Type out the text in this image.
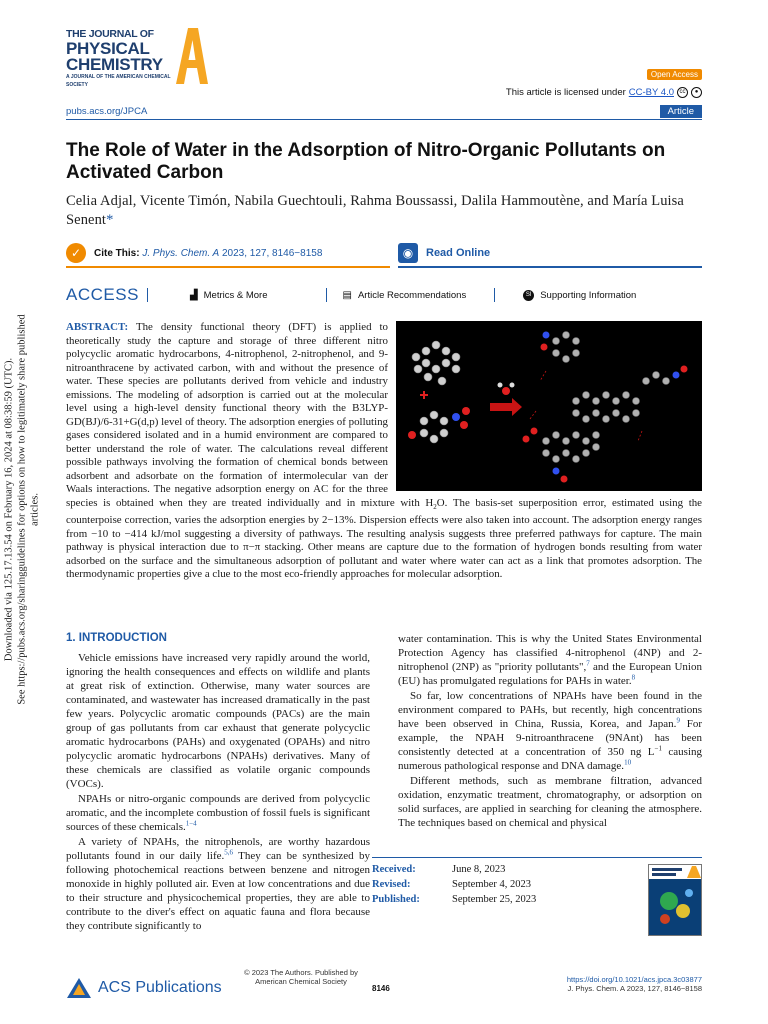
Downloaded via 125.17.13.54 on February 16, 2024 at 08:38:59 (UTC). See https://pubs.acs.org/sharingguidelines for options on how to legitimately share published articles.
THE JOURNAL OF
PHYSICAL
CHEMISTRY
A JOURNAL OF THE AMERICAN CHEMICAL SOCIETY
Open Access
This article is licensed under CC-BY 4.0 cc	●
pubs.acs.org/JPCA	Article
The Role of Water in the Adsorption of Nitro-Organic Pollutants on Activated Carbon
Celia Adjal, Vicente Timón, Nabila Guechtouli, Rahma Boussassi, Dalila Hammoutène, and María Luisa Senent*
✓	Cite This: J. Phys. Chem. A 2023, 127, 8146−8158	◉	Read Online
ACCESS	▟ Metrics & More	▤ Article Recommendations	SI Supporting Information
ABSTRACT: The density functional theory (DFT) is applied to theoretically study the capture and storage of three different nitro polycyclic aromatic hydrocarbons, 4-nitrophenol, 2-nitrophenol, and 9-nitroanthracene by activated carbon, with and without the presence of water. These species are pollutants derived from vehicle and industry emissions. The modeling of adsorption is carried out at the molecular level using a high-level density functional theory with the B3LYP-GD(BJ)/6-31+G(d,p) level of theory. The adsorption energies of polluting gases considered isolated and in a humid environment are compared to better understand the role of water. The calculations reveal different possible pathways involving the formation of chemical bonds between adsorbent and adsorbate on the formation of intermolecular van der Waals interactions. The negative adsorption energy on AC for the three species is obtained when they are treated individually and in mixture with $H_2O$. The basis-set superposition error, estimated using the counterpoise correction, varies the adsorption energies by 2−13%. Dispersion effects were also taken into account. The adsorption energy ranges from −10 to −414 kJ/mol suggesting a diversity of pathways. The resulting analysis suggests three preferred pathways for capture. The main pathway is physical interaction due to π−π stacking. Other means are capture due to the formation of hydrogen bonds resulting from water adsorbed on the surface and the simultaneous adsorption of pollutant and water where water can act as a link that promotes adsorption. The thermodynamic properties give a clue to the most eco-friendly approaches for molecular adsorption.
1. INTRODUCTION

Vehicle emissions have increased very rapidly around the world, ignoring the health consequences and effects on wildlife and plants at great risk of extinction. Otherwise, many water sources are contaminated, and wastewater has increased dramatically in the past few years. Polycyclic aromatic compounds (PACs) are the main group of gas pollutants from car exhaust that generate polycyclic aromatic hydrocarbons (PAHs) and oxygenated (OPAHs) and nitro polycyclic aromatic hydrocarbons (NPAHs) derivatives. Many of these chemicals are classified as volatile organic compounds (VOCs).

NPAHs or nitro-organic compounds are derived from polycyclic aromatic, and the incomplete combustion of fossil fuels is significant sources of these chemicals.$^{1-4}$

A variety of NPAHs, the nitrophenols, are worthy hazardous pollutants found in our daily life.$^{5,6}$ They can be synthesized by following photochemical reactions between benzene and nitrogen monoxide in highly polluted air. Even at low concentrations and due to their structure and physicochemical properties, they are able to contribute to the diver's effect on aquatic fauna and flora because they contribute significantly to

water contamination. This is why the United States Environmental Protection Agency has classified 4-nitrophenol (4NP) and 2-nitrophenol (2NP) as "priority pollutants",$^7$ and the European Union (EU) has promulgated regulations for PAHs in water.$^8$

So far, low concentrations of NPAHs have been found in the environment compared to PAHs, but recently, high concentrations have been observed in China, Russia, Korea, and Japan.$^9$ For example, the NPAH 9-nitroanthracene (9NAnt) has been consistently detected at a concentration of 350 ng $L^{-1}$ causing numerous pathological response and DNA damage.$^{10}$

Different methods, such as membrane filtration, advanced oxidation, enzymatic treatment, chromatography, or adsorption on solid surfaces, are applied in searching for cleaning the atmosphere. The techniques based on chemical and physical

Received:	June 8, 2023
Revised:	September 4, 2023
Published:	September 25, 2023
ACS Publications
© 2023 The Authors. Published by
American Chemical Society
8146
https://doi.org/10.1021/acs.jpca.3c03877
J. Phys. Chem. A 2023, 127, 8146−8158
